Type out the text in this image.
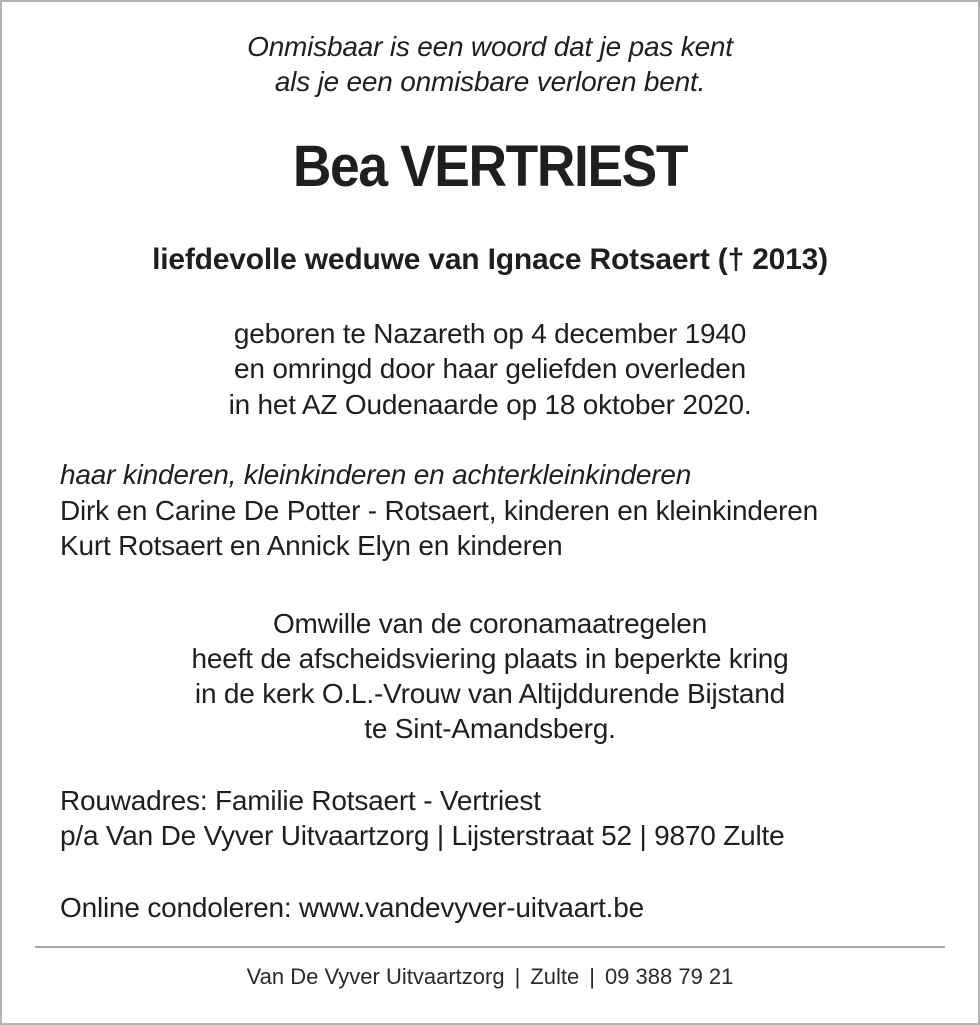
Onmisbaar is een woord dat je pas kent
als je een onmisbare verloren bent.
Bea VERTRIEST
liefdevolle weduwe van Ignace Rotsaert († 2013)
geboren te Nazareth op 4 december 1940
en omringd door haar geliefden overleden
in het AZ Oudenaarde op 18 oktober 2020.
haar kinderen, kleinkinderen en achterkleinkinderen
Dirk en Carine De Potter - Rotsaert, kinderen en kleinkinderen
Kurt Rotsaert en Annick Elyn en kinderen
Omwille van de coronamaatregelen
heeft de afscheidsviering plaats in beperkte kring
in de kerk O.L.-Vrouw van Altijddurende Bijstand
te Sint-Amandsberg.
Rouwadres: Familie Rotsaert - Vertriest
p/a Van De Vyver Uitvaartzorg | Lijsterstraat 52 | 9870 Zulte
Online condoleren: www.vandevyver-uitvaart.be
Van De Vyver Uitvaartzorg | Zulte | 09 388 79 21
